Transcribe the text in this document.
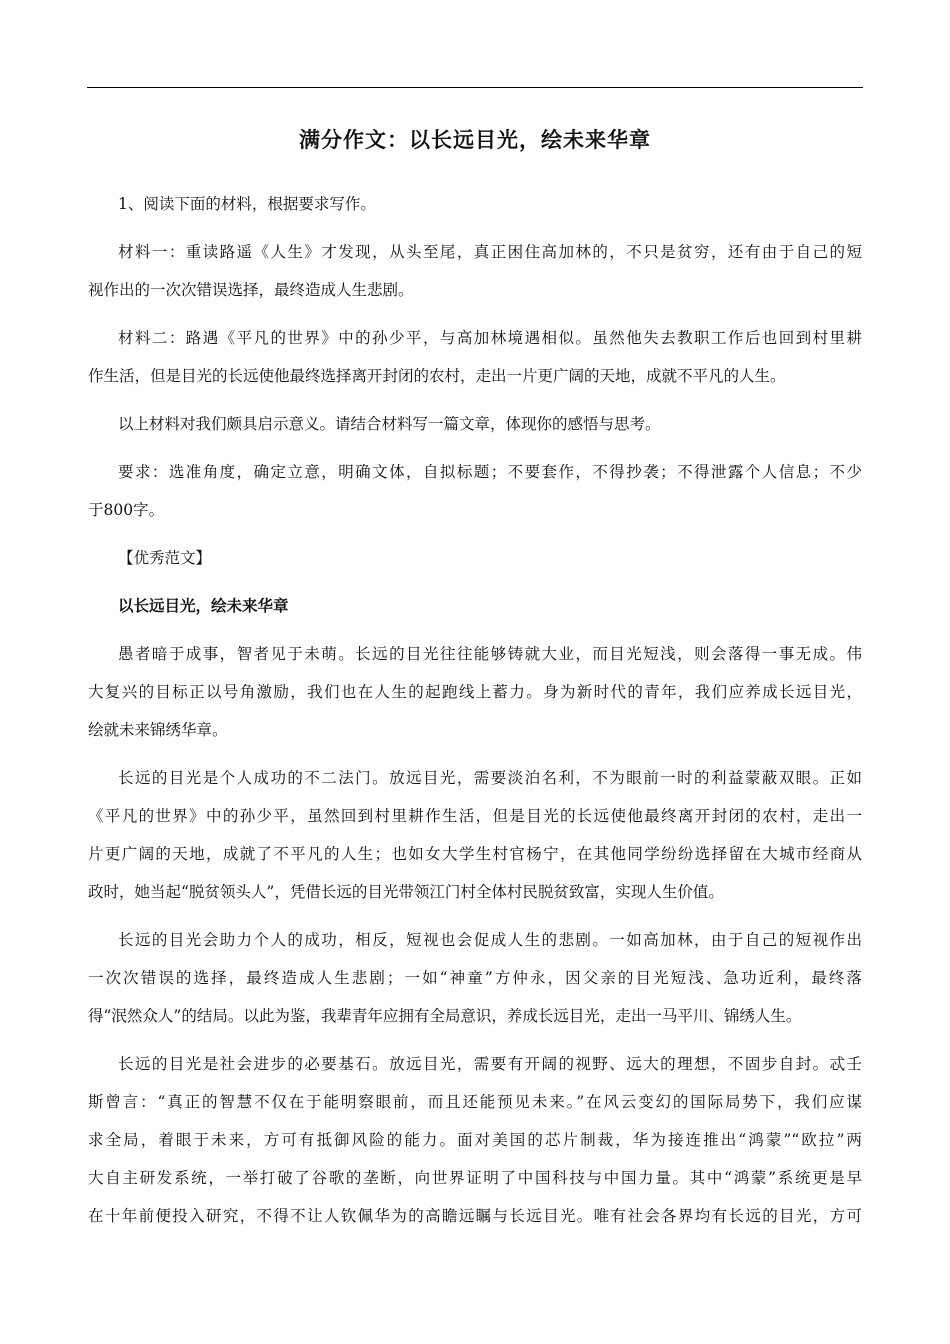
满分作文：以长远目光，绘未来华章
1、阅读下面的材料，根据要求写作。
材料一：重读路遥《人生》才发现，从头至尾，真正困住高加林的，不只是贫穷，还有由于自己的短
视作出的一次次错误选择，最终造成人生悲剧。
材料二：路遇《平凡的世界》中的孙少平，与高加林境遇相似。虽然他失去教职工作后也回到村里耕
作生活，但是目光的长远使他最终选择离开封闭的农村，走出一片更广阔的天地，成就不平凡的人生。
以上材料对我们颇具启示意义。请结合材料写一篇文章，体现你的感悟与思考。
要求：选准角度，确定立意，明确文体，自拟标题；不要套作，不得抄袭；不得泄露个人信息；不少
于800字。
【优秀范文】
以长远目光，绘未来华章
愚者暗于成事，智者见于未萌。长远的目光往往能够铸就大业，而目光短浅，则会落得一事无成。伟
大复兴的目标正以号角激励，我们也在人生的起跑线上蓄力。身为新时代的青年，我们应养成长远目光，
绘就未来锦绣华章。
长远的目光是个人成功的不二法门。放远目光，需要淡泊名利，不为眼前一时的利益蒙蔽双眼。正如
《平凡的世界》中的孙少平，虽然回到村里耕作生活，但是目光的长远使他最终离开封闭的农村，走出一
片更广阔的天地，成就了不平凡的人生；也如女大学生村官杨宁，在其他同学纷纷选择留在大城市经商从
政时，她当起“脱贫领头人”，凭借长远的目光带领江门村全体村民脱贫致富，实现人生价值。
长远的目光会助力个人的成功，相反，短视也会促成人生的悲剧。一如高加林，由于自己的短视作出
一次次错误的选择，最终造成人生悲剧；一如“神童”方仲永，因父亲的目光短浅、急功近利，最终落
得“泯然众人”的结局。以此为鉴，我辈青年应拥有全局意识，养成长远目光，走出一马平川、锦绣人生。
长远的目光是社会进步的必要基石。放远目光，需要有开阔的视野、远大的理想，不固步自封。忒壬
斯曾言：“真正的智慧不仅在于能明察眼前，而且还能预见未来。”在风云变幻的国际局势下，我们应谋
求全局，着眼于未来，方可有抵御风险的能力。面对美国的芯片制裁，华为接连推出“鸿蒙”“欧拉”两
大自主研发系统，一举打破了谷歌的垄断，向世界证明了中国科技与中国力量。其中“鸿蒙”系统更是早
在十年前便投入研究，不得不让人钦佩华为的高瞻远瞩与长远目光。唯有社会各界均有长远的目光，方可
